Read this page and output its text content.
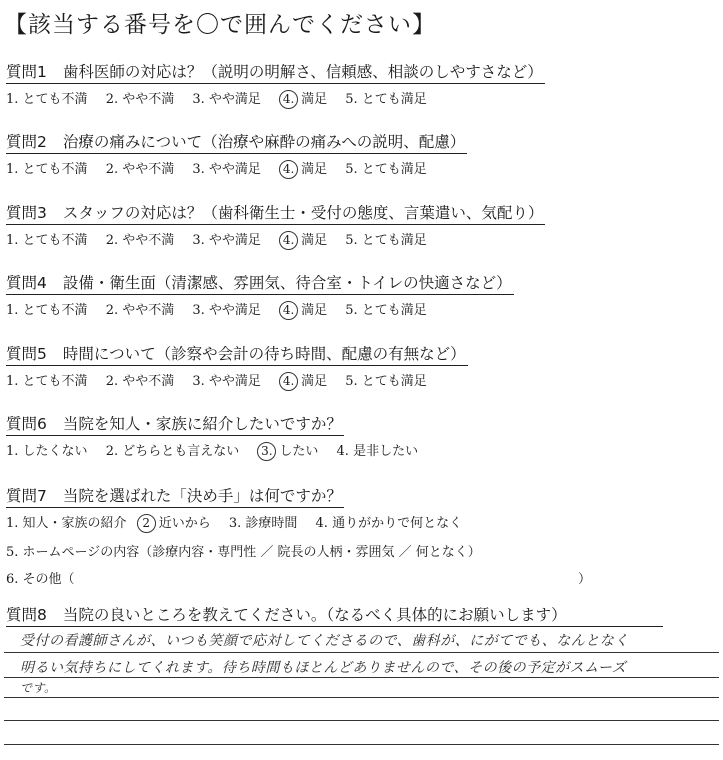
【該当する番号を〇で囲んでください】
質問1 歯科医師の対応は？（説明の明解さ、信頼感、相談のしやすさなど）
1. とても不満 2. やや不満 3. やや満足 4. 満足 5. とても満足
質問2 治療の痛みについて（治療や麻酔の痛みへの説明、配慮）
1. とても不満 2. やや不満 3. やや満足 4. 満足 5. とても満足
質問3 スタッフの対応は？（歯科衛生士・受付の態度、言葉遣い、気配り）
1. とても不満 2. やや不満 3. やや満足 4. 満足 5. とても満足
質問4 設備・衛生面（清潔感、雰囲気、待合室・トイレの快適さなど）
1. とても不満 2. やや不満 3. やや満足 4. 満足 5. とても満足
質問5 時間について（診察や会計の待ち時間、配慮の有無など）
1. とても不満 2. やや不満 3. やや満足 4. 満足 5. とても満足
質問6 当院を知人・家族に紹介したいですか？
1. したくない 2. どちらとも言えない 3. したい 4. 是非したい
質問7 当院を選ばれた「決め手」は何ですか？
1. 知人・家族の紹介 2 近いから 3. 診療時間 4. 通りがかりで何となく
5. ホームページの内容（診療内容・専門性 ／ 院長の人柄・雰囲気 ／ 何となく）
6. その他（	）
質問8 当院の良いところを教えてください。（なるべく具体的にお願いします）
受付の看護師さんが、いつも笑顔で応対してくださるので、歯科が、にがてでも、なんとなく
明るい気持ちにしてくれます。待ち時間もほとんどありませんので、その後の予定がスムーズ
です。
